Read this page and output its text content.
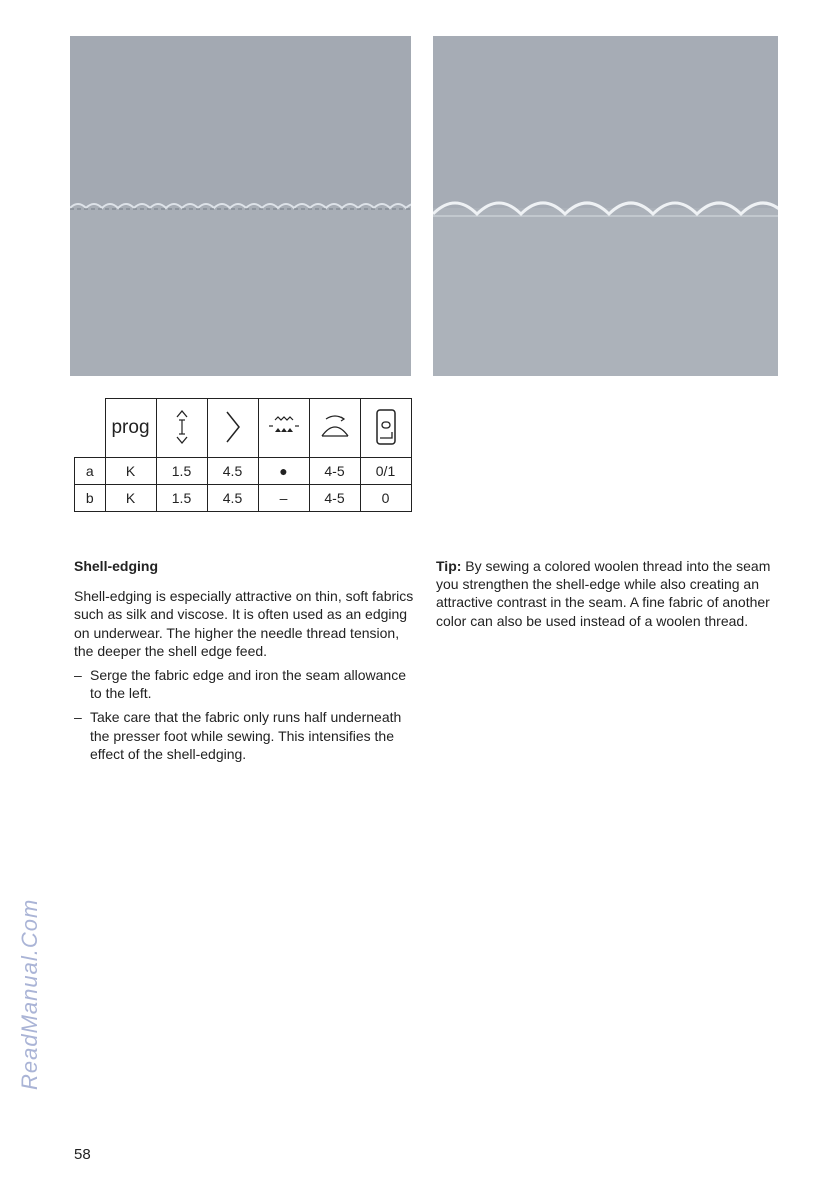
	prog					
a	K	1.5	4.5	●	4-5	0/1
b	K	1.5	4.5	–	4-5	0
Shell-edging

Shell-edging is especially attractive on thin, soft fabrics such as silk and viscose. It is often used as an edging on underwear. The higher the needle thread tension, the deeper the shell edge feed.

– Serge the fabric edge and iron the seam allowance to the left.
– Take care that the fabric only runs half underneath the presser foot while sewing. This intensifies the effect of the shell-edging.

Tip: By sewing a colored woolen thread into the seam you strengthen the shell-edge while also creating an attractive contrast in the seam. A fine fabric of another color can also be used instead of a woolen thread.

ReadManual.Com
58
